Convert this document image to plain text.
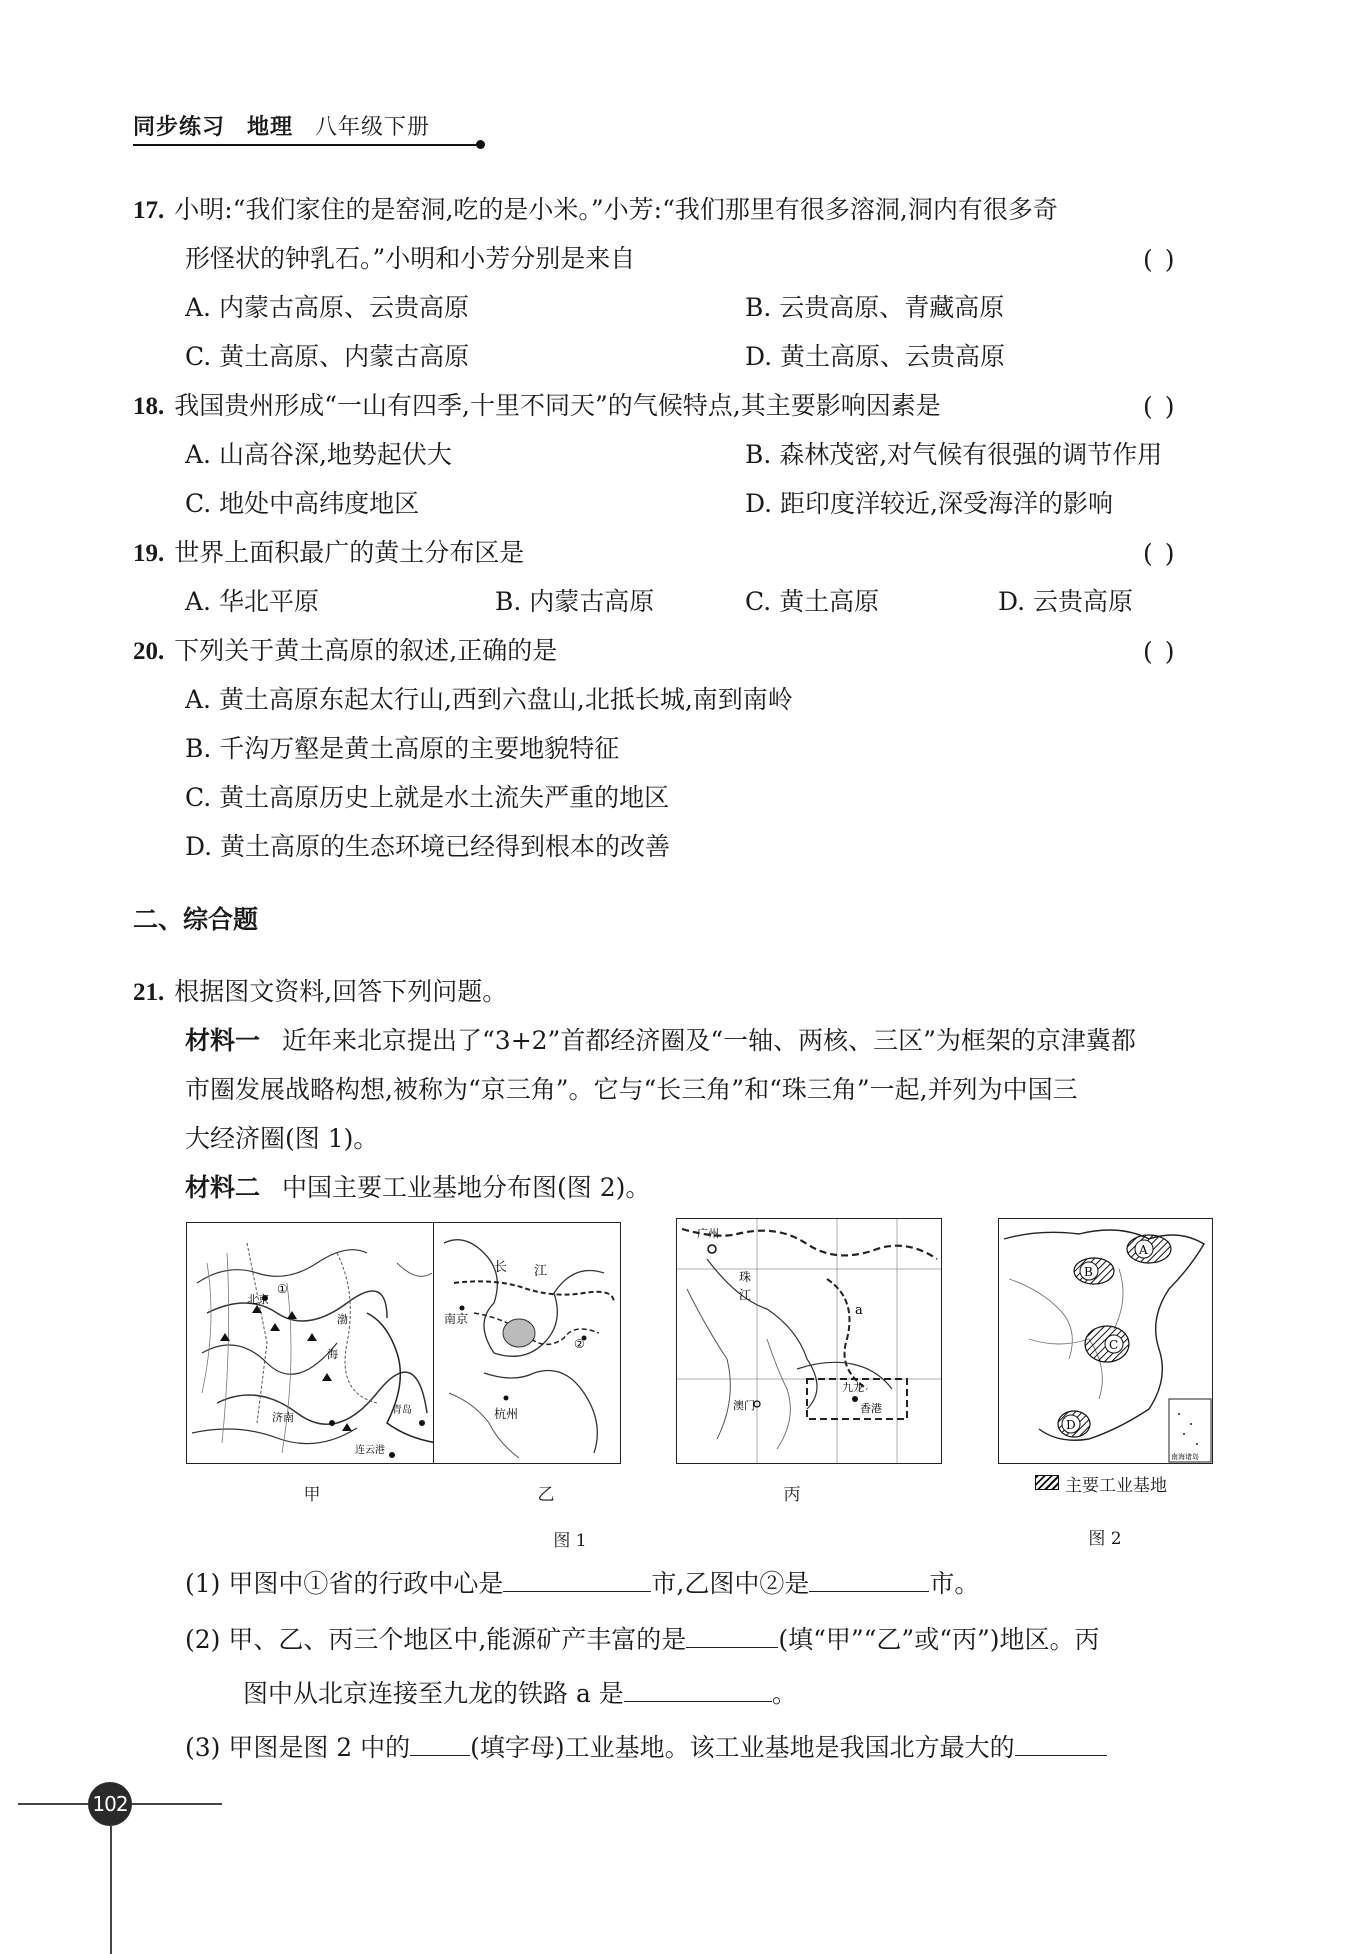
同步练习 地理 八年级下册
17. 小明:“我们家住的是窑洞,吃的是小米。”小芳:“我们那里有很多溶洞,洞内有很多奇
形怪状的钟乳石。”小明和小芳分别是来自	( )
A. 内蒙古高原、云贵高原	B. 云贵高原、青藏高原
C. 黄土高原、内蒙古高原	D. 黄土高原、云贵高原
18. 我国贵州形成“一山有四季,十里不同天”的气候特点,其主要影响因素是	( )
A. 山高谷深,地势起伏大	B. 森林茂密,对气候有很强的调节作用
C. 地处中高纬度地区	D. 距印度洋较近,深受海洋的影响
19. 世界上面积最广的黄土分布区是	( )
A. 华北平原	B. 内蒙古高原	C. 黄土高原	D. 云贵高原
20. 下列关于黄土高原的叙述,正确的是	( )
A. 黄土高原东起太行山,西到六盘山,北抵长城,南到南岭
B. 千沟万壑是黄土高原的主要地貌特征
C. 黄土高原历史上就是水土流失严重的地区
D. 黄土高原的生态环境已经得到根本的改善
二、综合题
21. 根据图文资料,回答下列问题。
材料一 近年来北京提出了“3+2”首都经济圈及“一轴、两核、三区”为框架的京津冀都
市圈发展战略构想,被称为“京三角”。它与“长三角”和“珠三角”一起,并列为中国三
大经济圈(图 1)。
材料二 中国主要工业基地分布图(图 2)。
①
北京
渤
海
济南
青岛
连云港
甲
长 江
南京
②
杭州
乙
广州
珠
江
a
澳门
九龙
香港
丙
A
B
C
D
南海诸岛
主要工业基地
图 1	图 2
(1) 甲图中①省的行政中心是	市,乙图中②是	市。
(2) 甲、乙、丙三个地区中,能源矿产丰富的是	(填“甲”“乙”或“丙”)地区。丙
图中从北京连接至九龙的铁路 a 是	。
(3) 甲图是图 2 中的 (填字母)工业基地。该工业基地是我国北方最大的
102
